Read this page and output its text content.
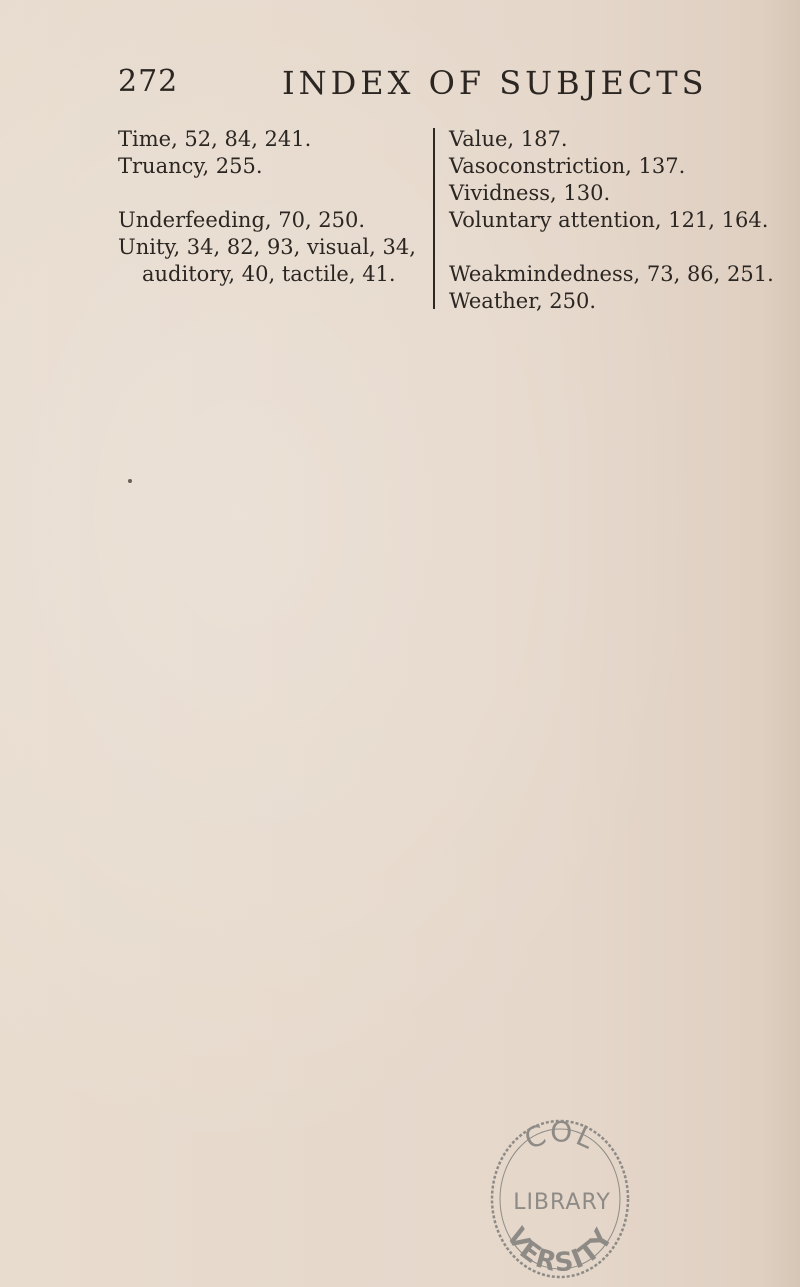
272	INDEX OF SUBJECTS

Time, 52, 84, 241.

Truancy, 255.

Underfeeding, 70, 250.

Unity, 34, 82, 93, visual, 34,
auditory, 40, tactile, 41.

Value, 187.

Vasoconstriction, 137.

Vividness, 130.

Voluntary attention, 121, 164.

Weakmindedness, 73, 86, 251.

Weather, 250.

COL
LIBRARY
VERSITY
